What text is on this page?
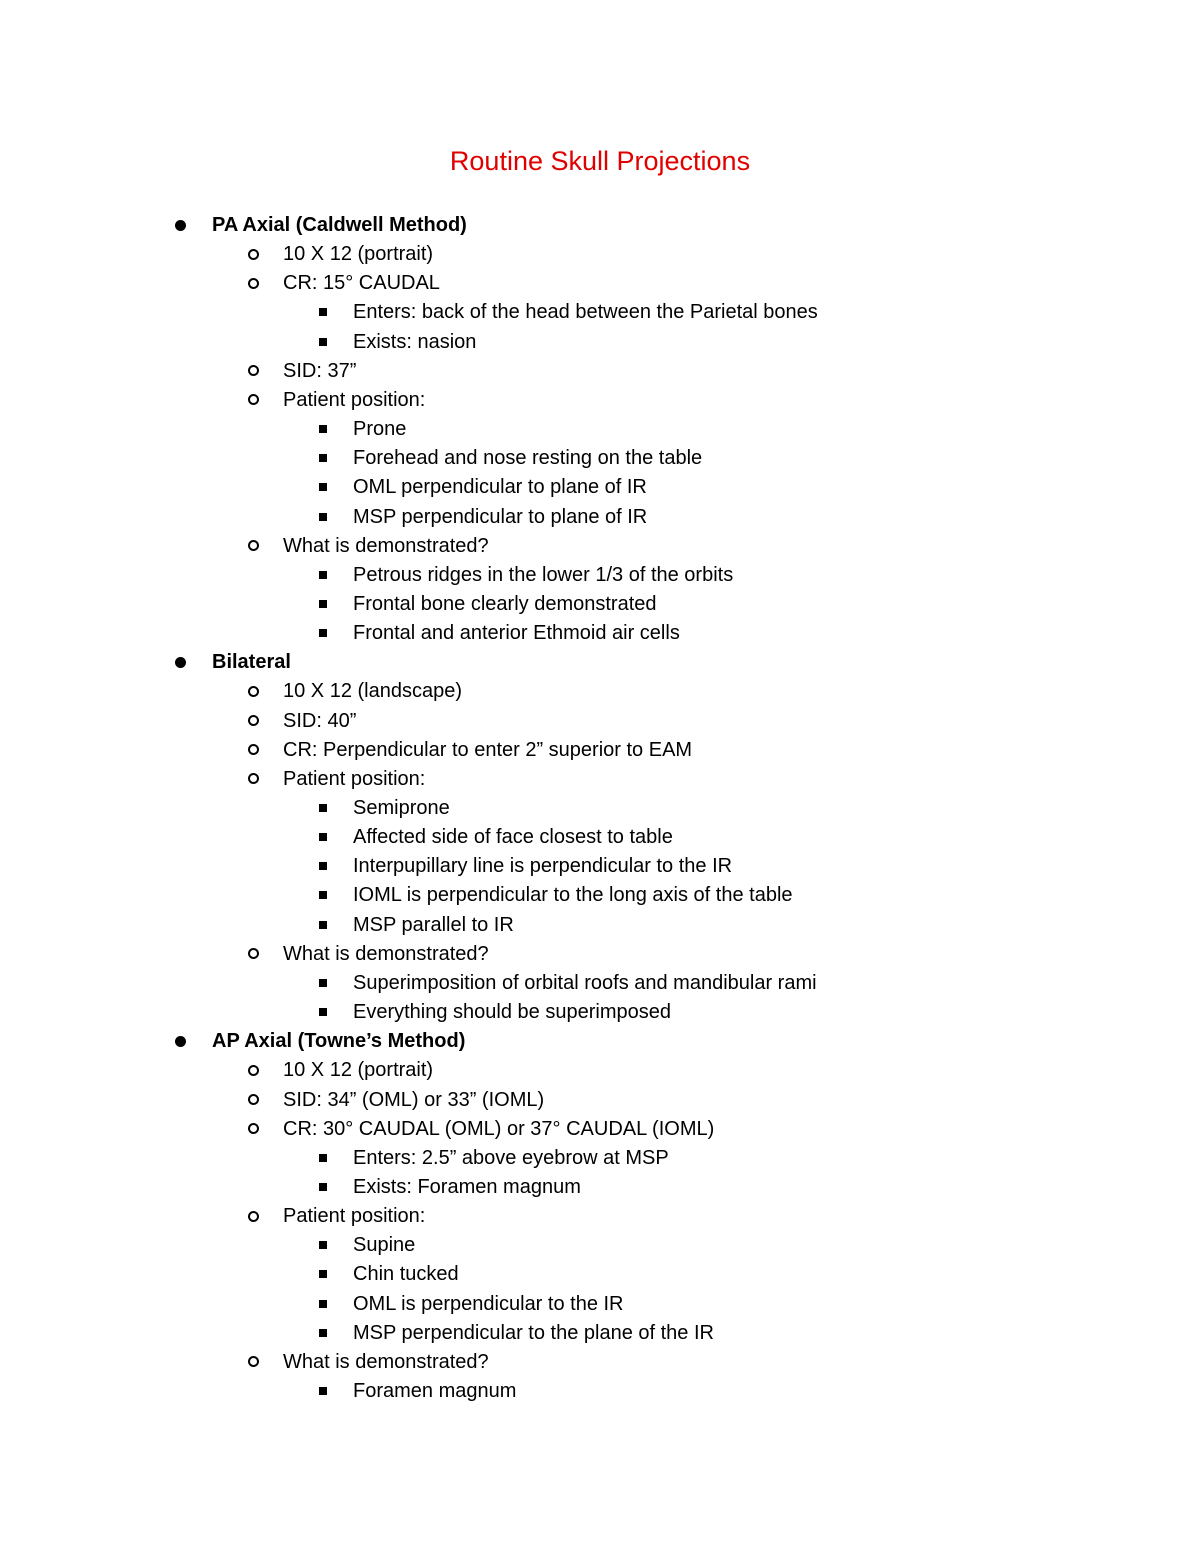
Routine Skull Projections
PA Axial (Caldwell Method)
10 X 12 (portrait)
CR: 15° CAUDAL
Enters: back of the head between the Parietal bones
Exists: nasion
SID: 37”
Patient position:
Prone
Forehead and nose resting on the table
OML perpendicular to plane of IR
MSP perpendicular to plane of IR
What is demonstrated?
Petrous ridges in the lower 1/3 of the orbits
Frontal bone clearly demonstrated
Frontal and anterior Ethmoid air cells
Bilateral
10 X 12 (landscape)
SID: 40”
CR: Perpendicular to enter 2” superior to EAM
Patient position:
Semiprone
Affected side of face closest to table
Interpupillary line is perpendicular to the IR
IOML is perpendicular to the long axis of the table
MSP parallel to IR
What is demonstrated?
Superimposition of orbital roofs and mandibular rami
Everything should be superimposed
AP Axial (Towne’s Method)
10 X 12 (portrait)
SID: 34” (OML) or 33” (IOML)
CR: 30° CAUDAL (OML) or 37° CAUDAL (IOML)
Enters: 2.5” above eyebrow at MSP
Exists: Foramen magnum
Patient position:
Supine
Chin tucked
OML is perpendicular to the IR
MSP perpendicular to the plane of the IR
What is demonstrated?
Foramen magnum
